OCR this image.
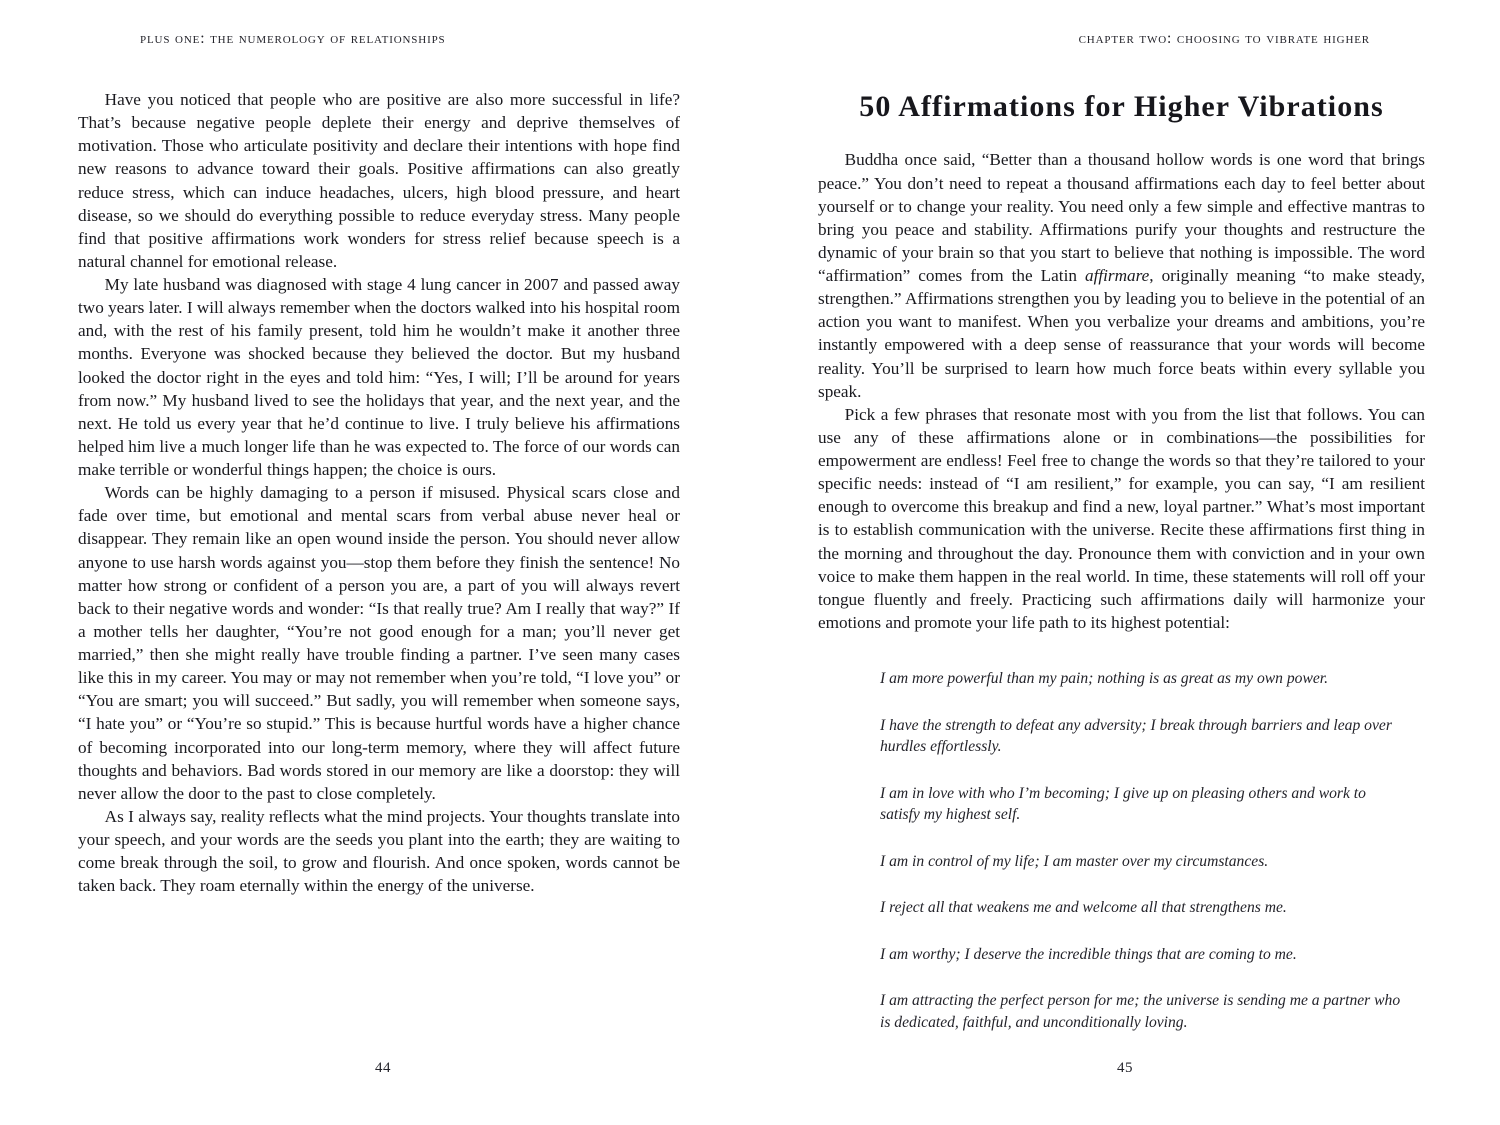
plus one: the numerology of relationships

Have you noticed that people who are positive are also more successful in life? That’s because negative people deplete their energy and deprive themselves of motivation. Those who articulate positivity and declare their intentions with hope find new reasons to advance toward their goals. Positive affirmations can also greatly reduce stress, which can induce headaches, ulcers, high blood pressure, and heart disease, so we should do everything possible to reduce everyday stress. Many people find that positive affirmations work wonders for stress relief because speech is a natural channel for emotional release.

My late husband was diagnosed with stage 4 lung cancer in 2007 and passed away two years later. I will always remember when the doctors walked into his hospital room and, with the rest of his family present, told him he wouldn’t make it another three months. Everyone was shocked because they believed the doctor. But my husband looked the doctor right in the eyes and told him: “Yes, I will; I’ll be around for years from now.” My husband lived to see the holidays that year, and the next year, and the next. He told us every year that he’d continue to live. I truly believe his affirmations helped him live a much longer life than he was expected to. The force of our words can make terrible or wonderful things happen; the choice is ours.

Words can be highly damaging to a person if misused. Physical scars close and fade over time, but emotional and mental scars from verbal abuse never heal or disappear. They remain like an open wound inside the person. You should never allow anyone to use harsh words against you—stop them before they finish the sentence! No matter how strong or confident of a person you are, a part of you will always revert back to their negative words and wonder: “Is that really true? Am I really that way?” If a mother tells her daughter, “You’re not good enough for a man; you’ll never get married,” then she might really have trouble finding a partner. I’ve seen many cases like this in my career. You may or may not remember when you’re told, “I love you” or “You are smart; you will succeed.” But sadly, you will remember when someone says, “I hate you” or “You’re so stupid.” This is because hurtful words have a higher chance of becoming incorporated into our long-term memory, where they will affect future thoughts and behaviors. Bad words stored in our memory are like a doorstop: they will never allow the door to the past to close completely.

As I always say, reality reflects what the mind projects. Your thoughts translate into your speech, and your words are the seeds you plant into the earth; they are waiting to come break through the soil, to grow and flourish. And once spoken, words cannot be taken back. They roam eternally within the energy of the universe.

44
chapter two: choosing to vibrate higher
50 Affirmations for Higher Vibrations

Buddha once said, “Better than a thousand hollow words is one word that brings peace.” You don’t need to repeat a thousand affirmations each day to feel better about yourself or to change your reality. You need only a few simple and effective mantras to bring you peace and stability. Affirmations purify your thoughts and restructure the dynamic of your brain so that you start to believe that nothing is impossible. The word “affirmation” comes from the Latin affirmare, originally meaning “to make steady, strengthen.” Affirmations strengthen you by leading you to believe in the potential of an action you want to manifest. When you verbalize your dreams and ambitions, you’re instantly empowered with a deep sense of reassurance that your words will become reality. You’ll be surprised to learn how much force beats within every syllable you speak.

Pick a few phrases that resonate most with you from the list that follows. You can use any of these affirmations alone or in combinations—the possibilities for empowerment are endless! Feel free to change the words so that they’re tailored to your specific needs: instead of “I am resilient,” for example, you can say, “I am resilient enough to overcome this breakup and find a new, loyal partner.” What’s most important is to establish communication with the universe. Recite these affirmations first thing in the morning and throughout the day. Pronounce them with conviction and in your own voice to make them happen in the real world. In time, these statements will roll off your tongue fluently and freely. Practicing such affirmations daily will harmonize your emotions and promote your life path to its highest potential:

I am more powerful than my pain; nothing is as great as my own power.

I have the strength to defeat any adversity; I break through barriers and leap over hurdles effortlessly.

I am in love with who I’m becoming; I give up on pleasing others and work to satisfy my highest self.

I am in control of my life; I am master over my circumstances.

I reject all that weakens me and welcome all that strengthens me.

I am worthy; I deserve the incredible things that are coming to me.

I am attracting the perfect person for me; the universe is sending me a partner who is dedicated, faithful, and unconditionally loving.

45
